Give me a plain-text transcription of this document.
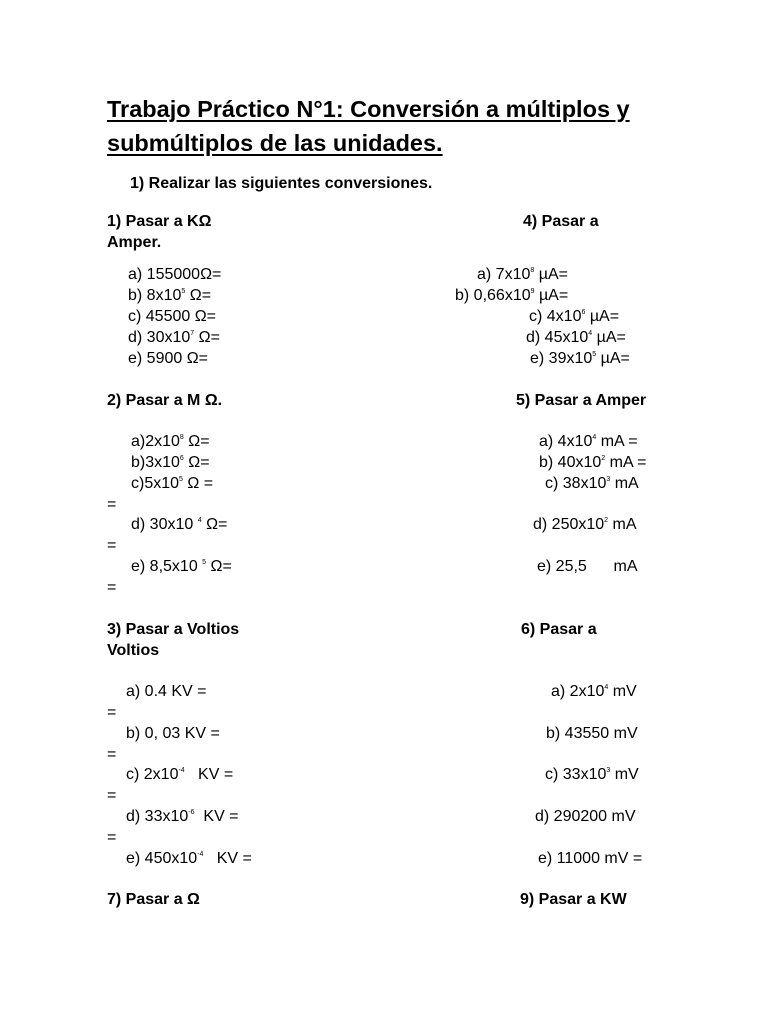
Trabajo Práctico N°1: Conversión a múltiplos y submúltiplos de las unidades.
1) Realizar las siguientes conversiones.
1) Pasar a KΩ	4) Pasar a
Amper.
2) Pasar a M Ω.	5) Pasar a Amper
3) Pasar a Voltios	6) Pasar a
Voltios
7) Pasar a Ω	9) Pasar a KW
a) 155000Ω=
b) $8x10^5$ Ω=
c) 45500 Ω=
d) $30x10^7$ Ω=
e) 5900 Ω=
a) $7x10^8$ µA=
b) $0,66x10^9$ µA=
c) $4x10^6$ µA=
d) $45x10^4$ µA=
e) $39x10^5$ µA=
$a)2x10^8$ Ω=
$b)3x10^6$ Ω=
$c)5x10^5$ Ω =
=
d) 30x10 $^4$ Ω=
=
e) 8,5x10 $^5$ Ω=
=
a) $4x10^4$ mA =
b) $40x10^2$ mA =
c) $38x10^3$ mA
d) $250x10^2$ mA
e) 25,5      mA
a) 0.4 KV =
=
b) 0, 03 KV =
=
c) $2x10^{-4}$   KV =
=
d) $33x10^{-6}$  KV =
=
e) $450x10^{-4}$   KV =
a) $2x10^4$ mV
b) 43550 mV
c) $33x10^3$ mV
d) 290200 mV
e) 11000 mV =
